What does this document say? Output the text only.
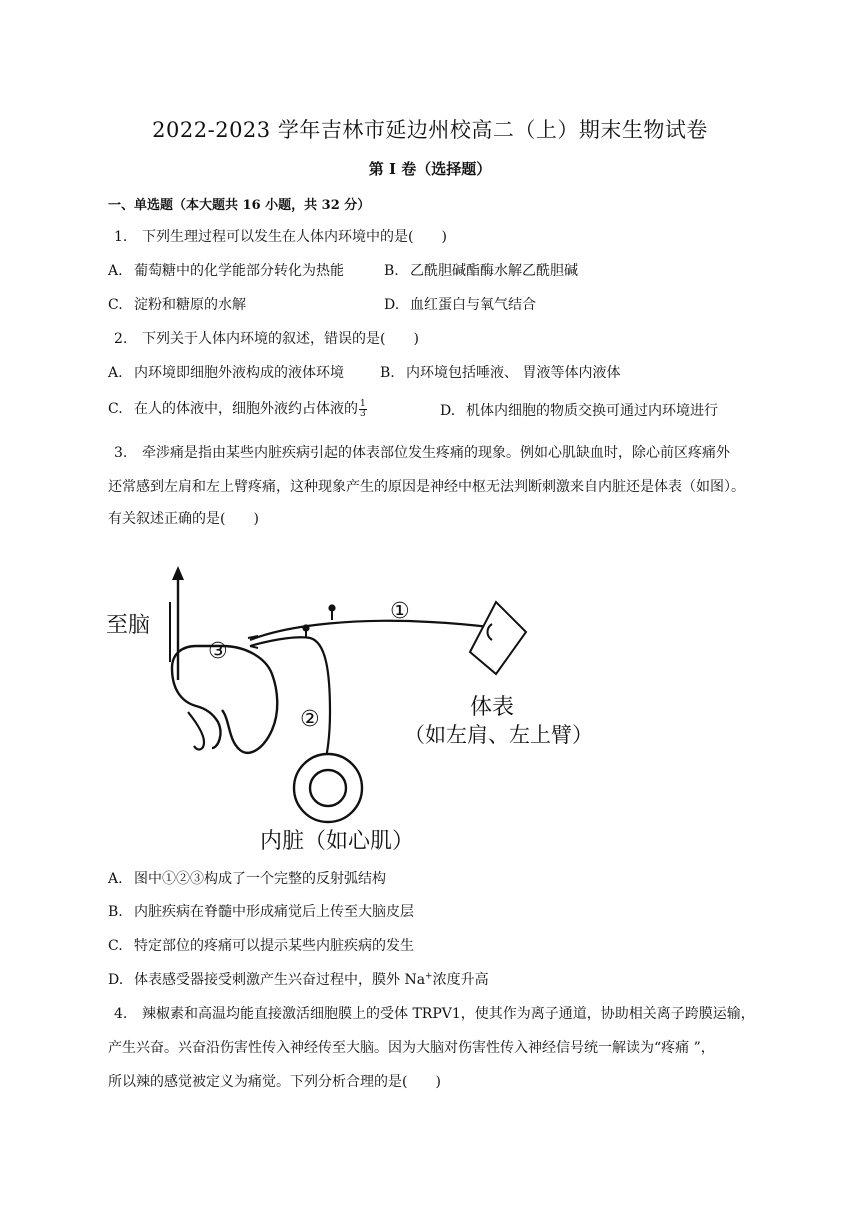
2022-2023 学年吉林市延边州校高二（上）期末生物试卷
第 I 卷（选择题）
一、单选题（本大题共 16 小题，共 32 分）
1. 下列生理过程可以发生在人体内环境中的是(　　)
A. 葡萄糖中的化学能部分转化为热能	B. 乙酰胆碱酯酶水解乙酰胆碱
C. 淀粉和糖原的水解	D. 血红蛋白与氧气结合
2. 下列关于人体内环境的叙述，错误的是(　　)
A. 内环境即细胞外液构成的液体环境	B. 内环境包括唾液、 胃液等体内液体
C. 在人的体液中，细胞外液约占体液的 $\frac{1}{3}$	D. 机体内细胞的物质交换可通过内环境进行
3. 牵涉痛是指由某些内脏疾病引起的体表部位发生疼痛的现象。例如心肌缺血时，除心前区疼痛外
还常感到左肩和左上臂疼痛，这种现象产生的原因是神经中枢无法判断刺激来自内脏还是体表（如图）。
有关叙述正确的是(　　)
至脑
③
①
②	体表
（如左肩、左上臂）
内脏（如心肌）
A. 图中①②③构成了一个完整的反射弧结构
B. 内脏疾病在脊髓中形成痛觉后上传至大脑皮层
C. 特定部位的疼痛可以提示某些内脏疾病的发生
D. 体表感受器接受刺激产生兴奋过程中，膜外 Na+浓度升高
4. 辣椒素和高温均能直接激活细胞膜上的受体 TRPV1，使其作为离子通道，协助相关离子跨膜运输，
产生兴奋。兴奋沿伤害性传入神经传至大脑。因为大脑对伤害性传入神经信号统一解读为“疼痛 ”，
所以辣的感觉被定义为痛觉。下列分析合理的是(　　)
